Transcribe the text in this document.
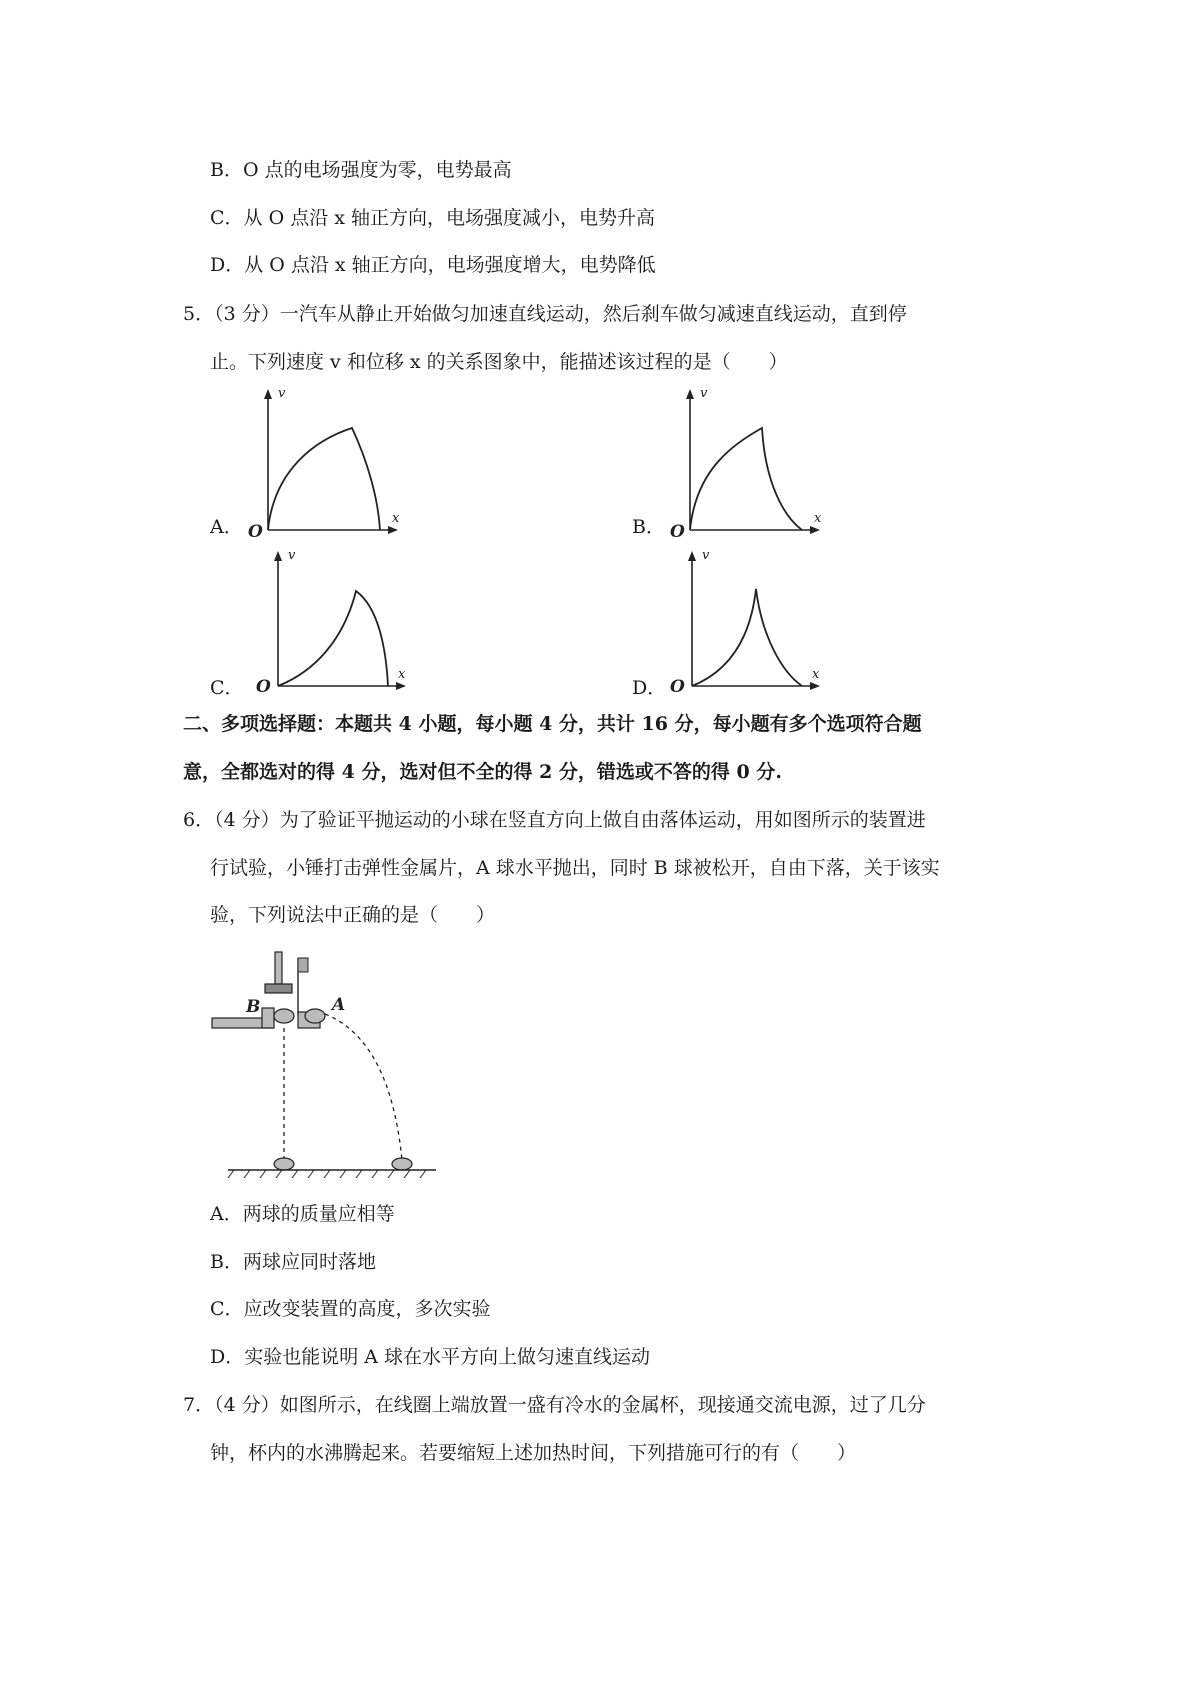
B．O 点的电场强度为零，电势最高
C．从 O 点沿 x 轴正方向，电场强度减小，电势升高
D．从 O 点沿 x 轴正方向，电场强度增大，电势降低
5．（3 分）一汽车从静止开始做匀加速直线运动，然后刹车做匀减速直线运动，直到停
止。下列速度 v 和位移 x 的关系图象中，能描述该过程的是（　　）
A．
v
x
O	B．
v
x
O
C．
v
x
O	D．
v
x
O
二、多项选择题：本题共 4 小题，每小题 4 分，共计 16 分，每小题有多个选项符合题
意，全都选对的得 4 分，选对但不全的得 2 分，错选或不答的得 0 分.
6．（4 分）为了验证平抛运动的小球在竖直方向上做自由落体运动，用如图所示的装置进
行试验，小锤打击弹性金属片，A 球水平抛出，同时 B 球被松开，自由下落，关于该实
验，下列说法中正确的是（　　）
B	A
A．两球的质量应相等
B．两球应同时落地
C．应改变装置的高度，多次实验
D．实验也能说明 A 球在水平方向上做匀速直线运动
7．（4 分）如图所示，在线圈上端放置一盛有冷水的金属杯，现接通交流电源，过了几分
钟，杯内的水沸腾起来。若要缩短上述加热时间，下列措施可行的有（　　）
